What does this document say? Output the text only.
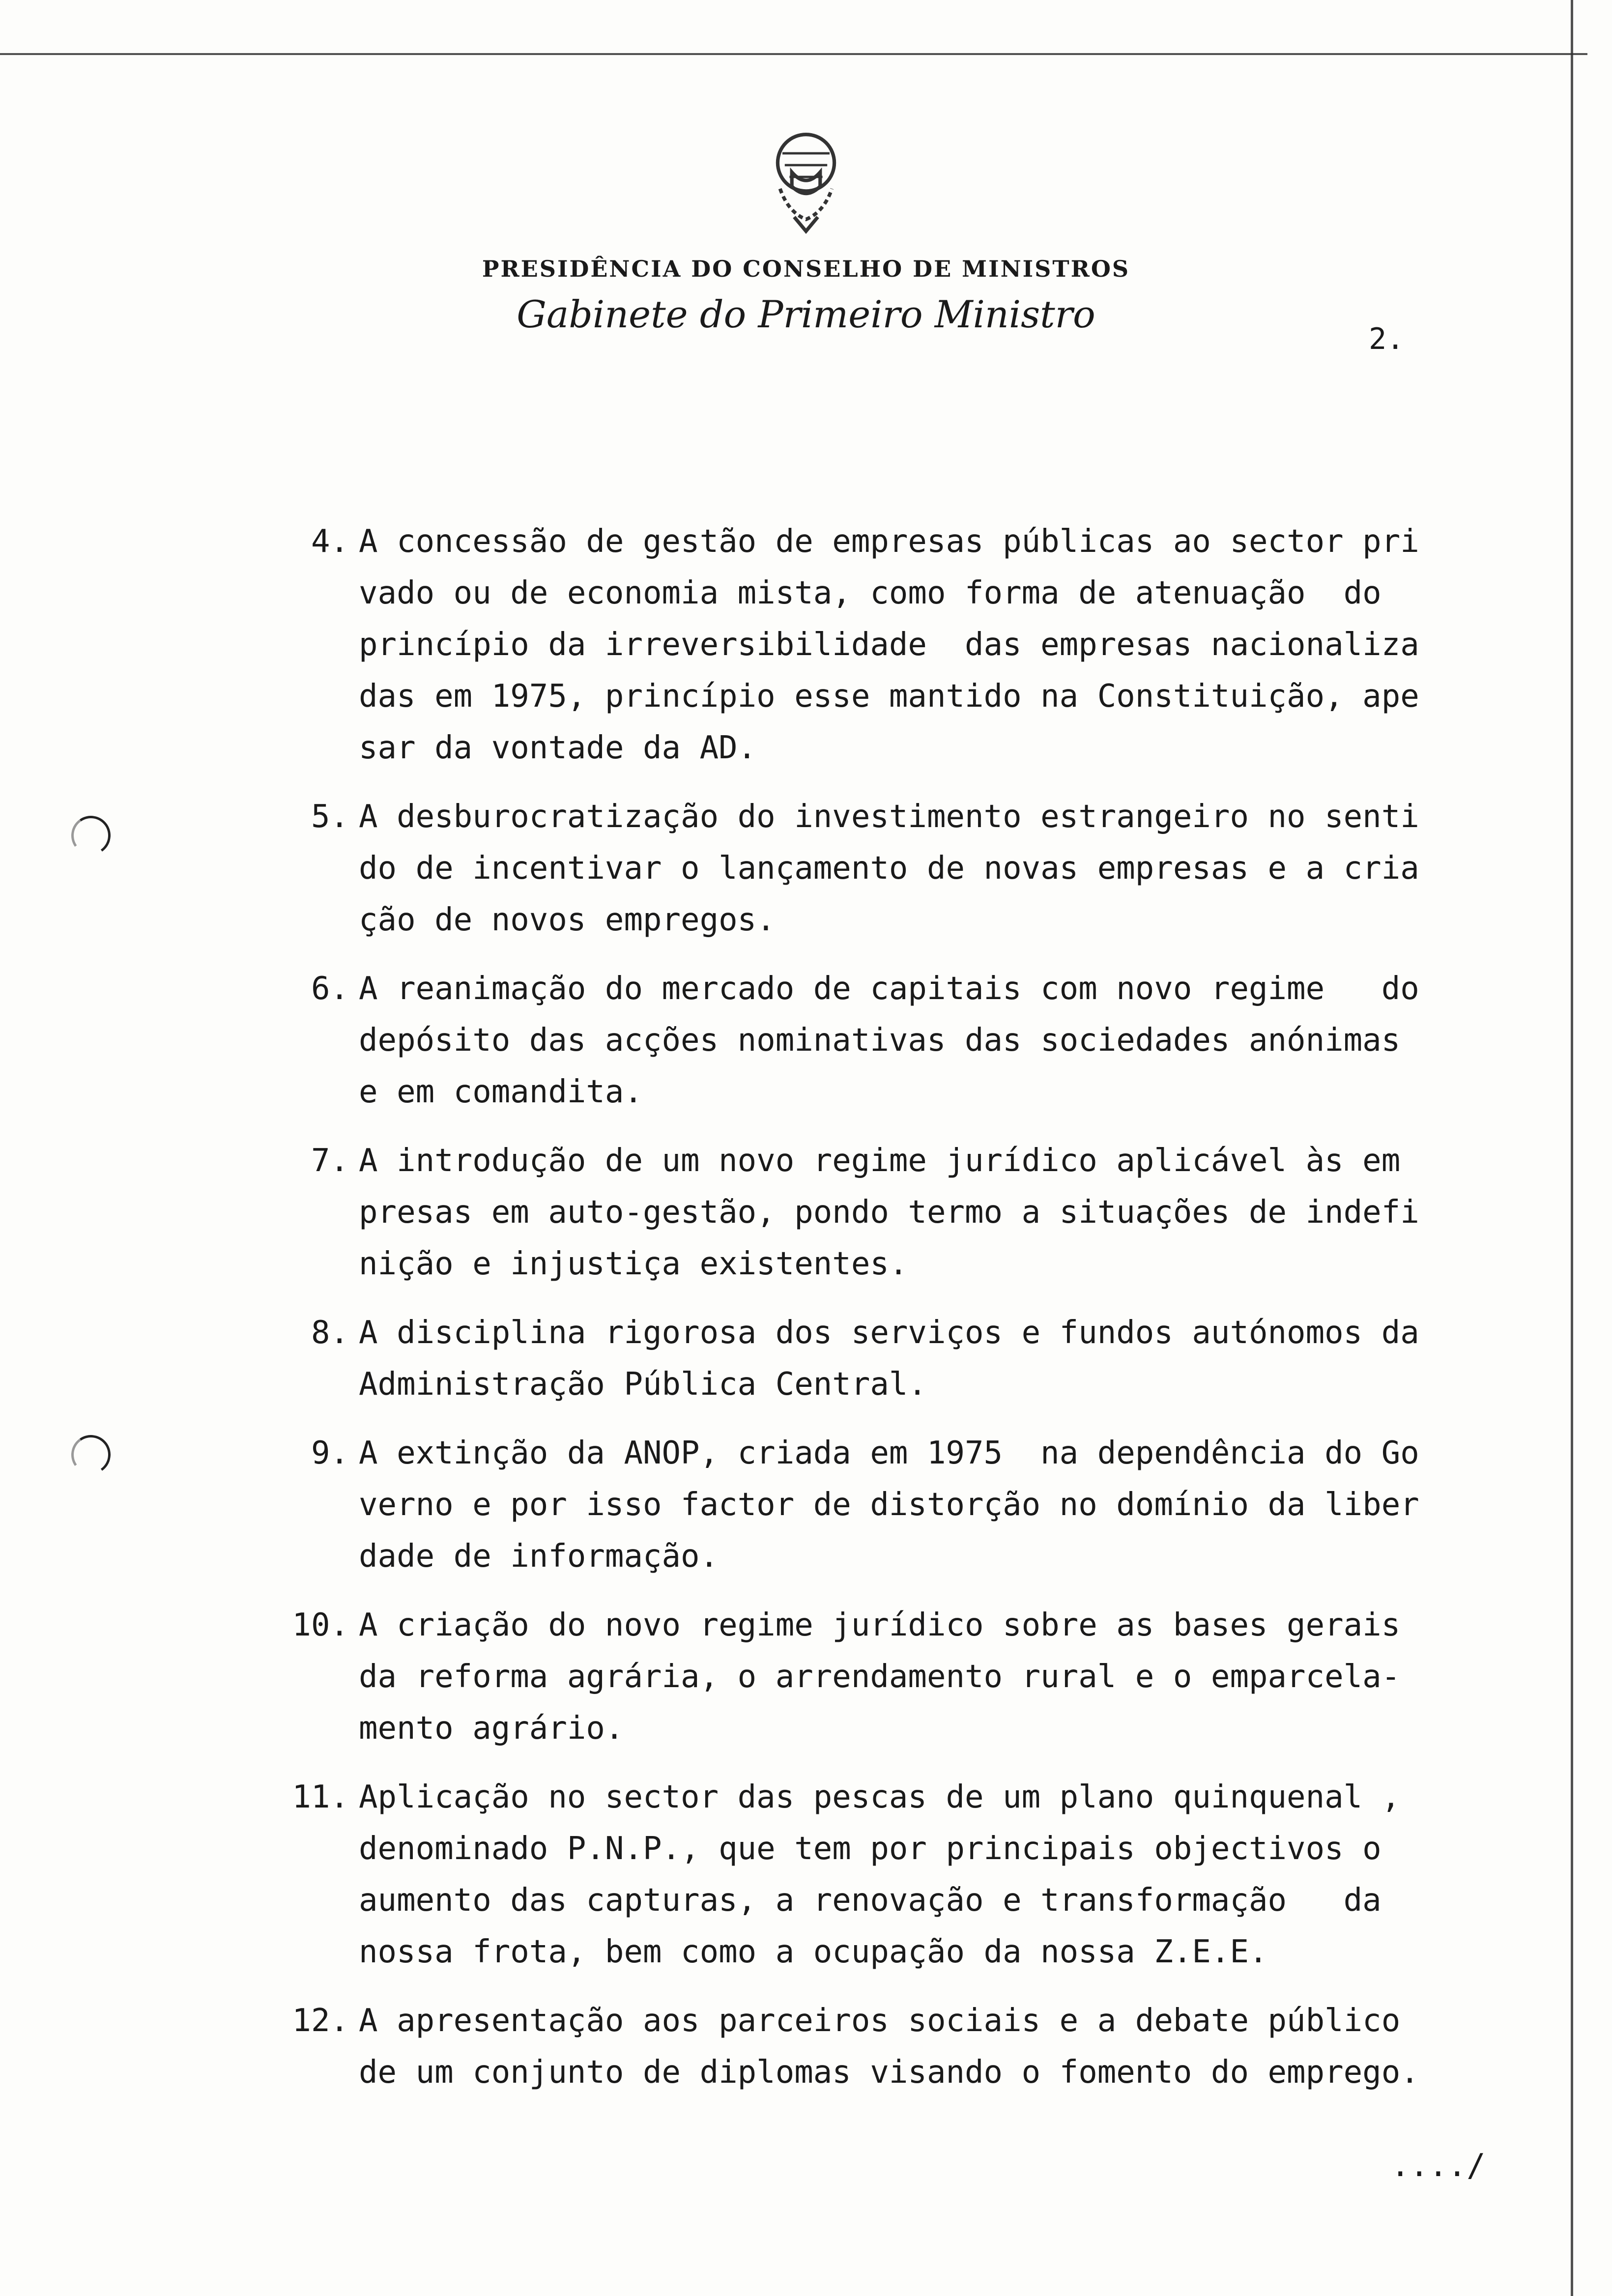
PRESIDÊNCIA DO CONSELHO DE MINISTROS
Gabinete do Primeiro Ministro
2.
4. A concessão de gestão de empresas públicas ao sector pri
vado ou de economia mista, como forma de atenuação  do
princípio da irreversibilidade  das empresas nacionaliza
das em 1975, princípio esse mantido na Constituição, ape
sar da vontade da AD.
5. A desburocratização do investimento estrangeiro no senti
do de incentivar o lançamento de novas empresas e a cria
ção de novos empregos.
6. A reanimação do mercado de capitais com novo regime   do
depósito das acções nominativas das sociedades anónimas
e em comandita.
7. A introdução de um novo regime jurídico aplicável às em
presas em auto-gestão, pondo termo a situações de indefi
nição e injustiça existentes.
8. A disciplina rigorosa dos serviços e fundos autónomos da
Administração Pública Central.
9. A extinção da ANOP, criada em 1975  na dependência do Go
verno e por isso factor de distorção no domínio da liber
dade de informação.
10. A criação do novo regime jurídico sobre as bases gerais
da reforma agrária, o arrendamento rural e o emparcela-
mento agrário.
11. Aplicação no sector das pescas de um plano quinquenal ,
denominado P.N.P., que tem por principais objectivos o
aumento das capturas, a renovação e transformação   da
nossa frota, bem como a ocupação da nossa Z.E.E.
12. A apresentação aos parceiros sociais e a debate público
de um conjunto de diplomas visando o fomento do emprego.
..../
